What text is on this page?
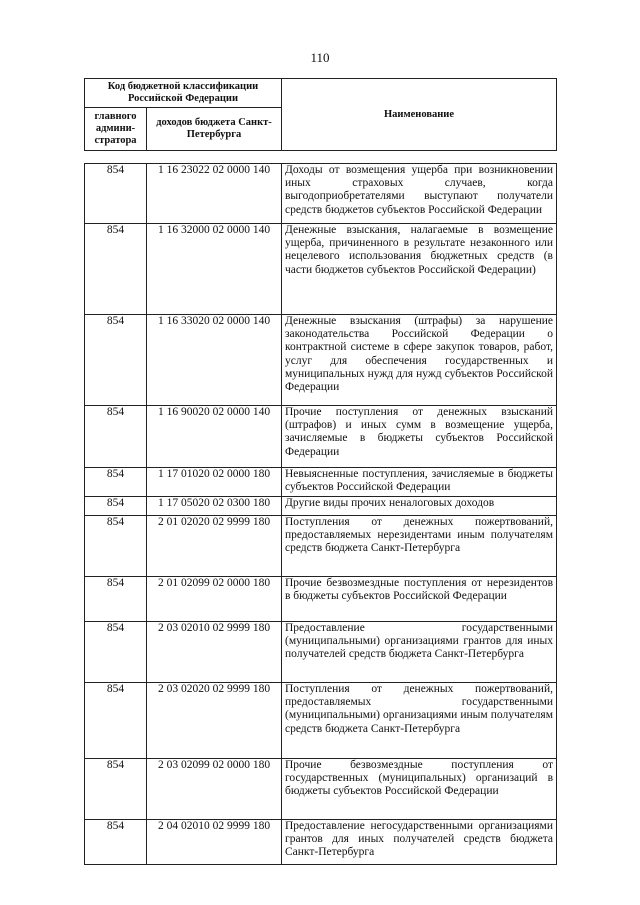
110
Код бюджетной классификации Российской Федерации		Наименование
главного админи-стратора	доходов бюджета Санкт-Петербурга	
854	1 16 23022 02 0000 140	Доходы от возмещения ущерба при возникновении иных страховых случаев, когда выгодоприобретателями выступают получатели средств бюджетов субъектов Российской Федерации
854	1 16 32000 02 0000 140	Денежные взыскания, налагаемые в возмещение ущерба, причиненного в результате незаконного или нецелевого использования бюджетных средств (в части бюджетов субъектов Российской Федерации)
854	1 16 33020 02 0000 140	Денежные взыскания (штрафы) за нарушение законодательства Российской Федерации о контрактной системе в сфере закупок товаров, работ, услуг для обеспечения государственных и муниципальных нужд для нужд субъектов Российской Федерации
854	1 16 90020 02 0000 140	Прочие поступления от денежных взысканий (штрафов) и иных сумм в возмещение ущерба, зачисляемые в бюджеты субъектов Российской Федерации
854	1 17 01020 02 0000 180	Невыясненные поступления, зачисляемые в бюджеты субъектов Российской Федерации
854	1 17 05020 02 0300 180	Другие виды прочих неналоговых доходов
854	2 01 02020 02 9999 180	Поступления от денежных пожертвований, предоставляемых нерезидентами иным получателям средств бюджета Санкт-Петербурга
854	2 01 02099 02 0000 180	Прочие безвозмездные поступления от нерезидентов в бюджеты субъектов Российской Федерации
854	2 03 02010 02 9999 180	Предоставление государственными (муниципальными) организациями грантов для иных получателей средств бюджета Санкт-Петербурга
854	2 03 02020 02 9999 180	Поступления от денежных пожертвований, предоставляемых государственными (муниципальными) организациями иным получателям средств бюджета Санкт-Петербурга
854	2 03 02099 02 0000 180	Прочие безвозмездные поступления от государственных (муниципальных) организаций в бюджеты субъектов Российской Федерации
854	2 04 02010 02 9999 180	Предоставление негосударственными организациями грантов для иных получателей средств бюджета Санкт-Петербурга
